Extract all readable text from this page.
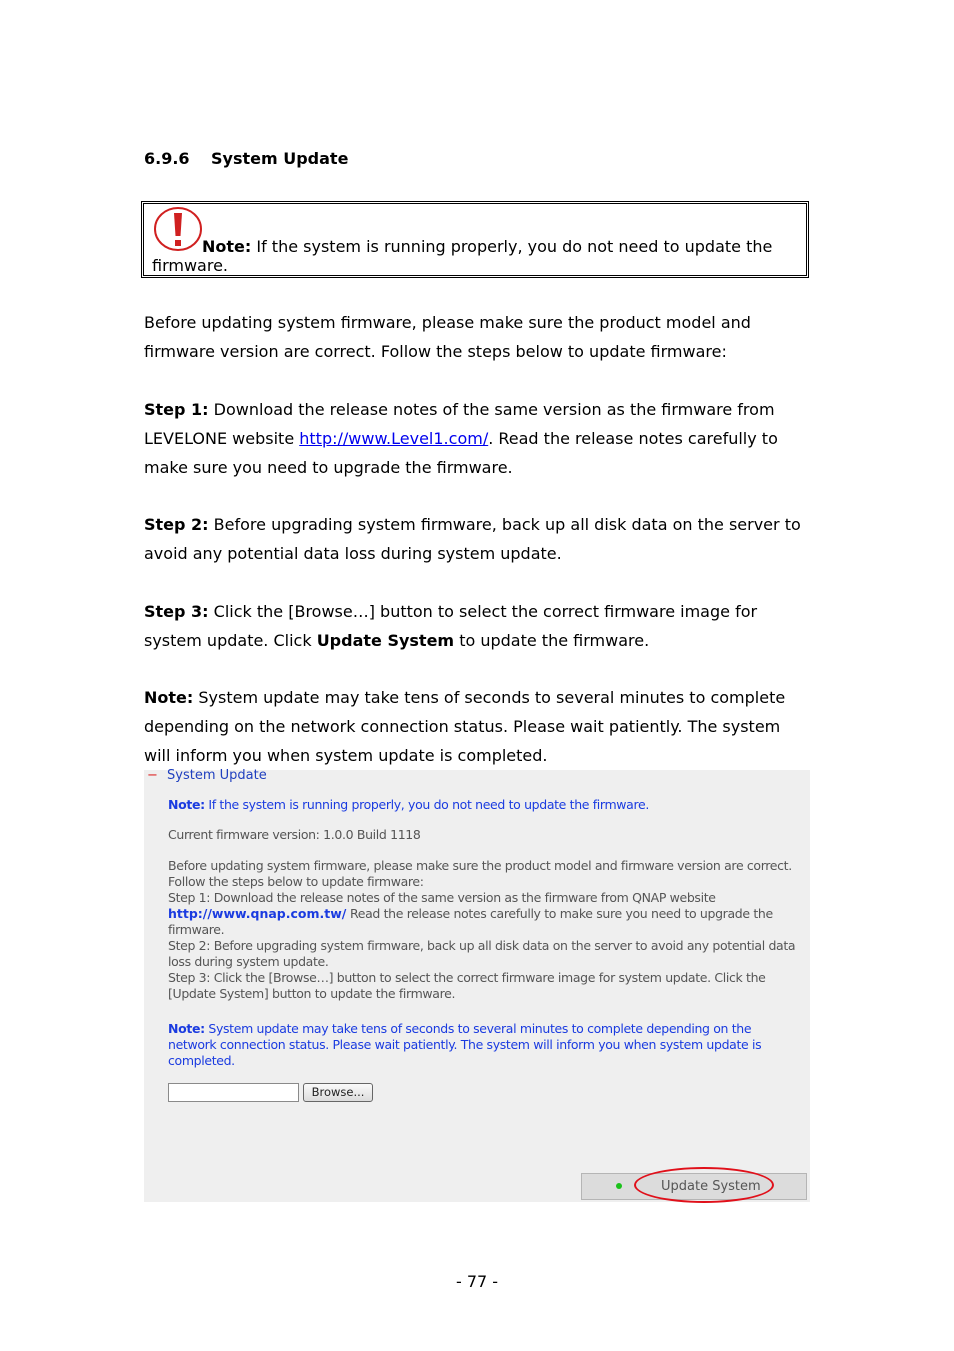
6.9.6 System Update
Note: If the system is running properly, you do not need to update the
firmware.

Before updating system firmware, please make sure the product model and

firmware version are correct. Follow the steps below to update firmware:

Step 1: Download the release notes of the same version as the firmware from

LEVELONE website http://www.Level1.com/. Read the release notes carefully to

make sure you need to upgrade the firmware.

Step 2: Before upgrading system firmware, back up all disk data on the server to

avoid any potential data loss during system update.

Step 3: Click the [Browse…] button to select the correct firmware image for

system update. Click Update System to update the firmware.

Note: System update may take tens of seconds to several minutes to complete

depending on the network connection status. Please wait patiently. The system

will inform you when system update is completed.

Note: If the system is running properly, you do not need to update the firmware.
Current firmware version: 1.0.0 Build 1118
Before updating system firmware, please make sure the product model and firmware version are correct.
Follow the steps below to update firmware:
Step 1: Download the release notes of the same version as the firmware from QNAP website
http://www.qnap.com.tw/ Read the release notes carefully to make sure you need to upgrade the
firmware.
Step 2: Before upgrading system firmware, back up all disk data on the server to avoid any potential data
loss during system update.
Step 3: Click the [Browse…] button to select the correct firmware image for system update. Click the
[Update System] button to update the firmware.
Note: System update may take tens of seconds to several minutes to complete depending on the
network connection status. Please wait patiently. The system will inform you when system update is
completed.
Browse...
Update System
− System Update
- 77 -
